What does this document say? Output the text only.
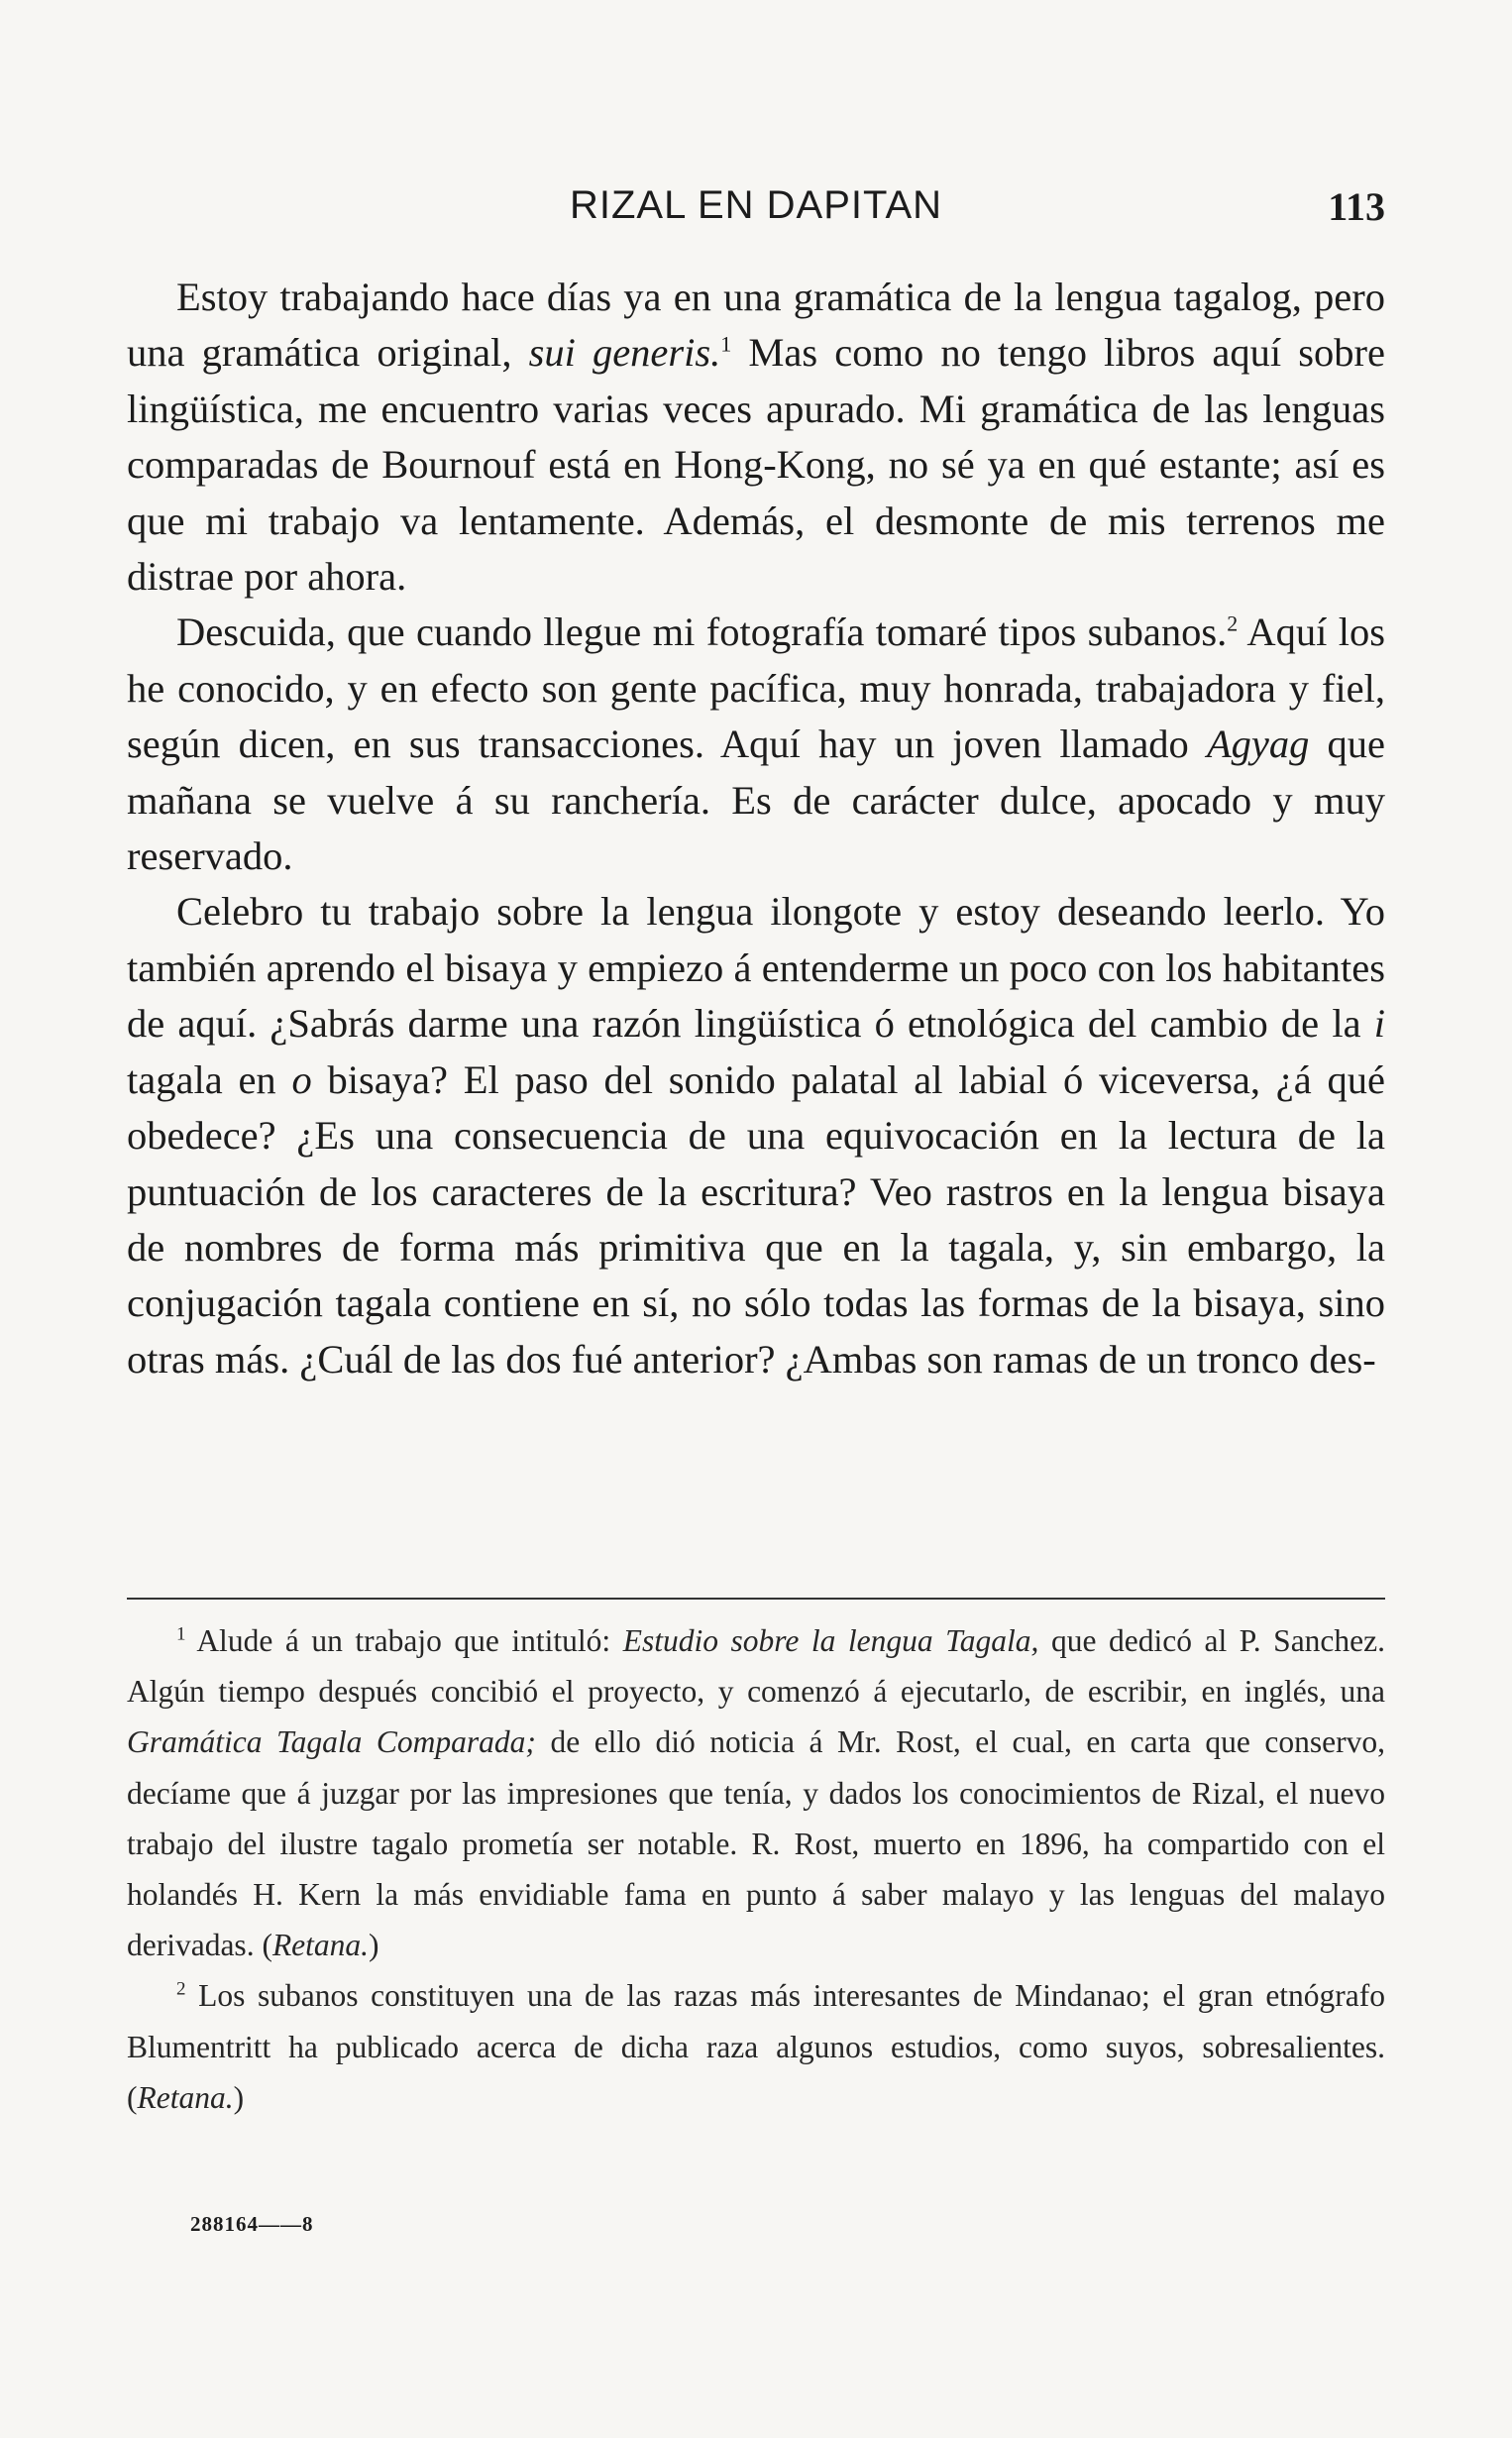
RIZAL EN DAPITAN	113

Estoy trabajando hace días ya en una gramática de la lengua tagalog, pero una gramática original, sui generis.$^1$ Mas como no tengo libros aquí sobre lingüística, me encuentro varias veces apurado. Mi gramática de las lenguas comparadas de Bournouf está en Hong-Kong, no sé ya en qué estante; así es que mi trabajo va lentamente. Además, el desmonte de mis terrenos me distrae por ahora.

Descuida, que cuando llegue mi fotografía tomaré tipos subanos.$^2$ Aquí los he conocido, y en efecto son gente pacífica, muy honrada, trabajadora y fiel, según dicen, en sus transacciones. Aquí hay un joven llamado Agyag que mañana se vuelve á su ranchería. Es de carácter dulce, apocado y muy reservado.

Celebro tu trabajo sobre la lengua ilongote y estoy deseando leerlo. Yo también aprendo el bisaya y empiezo á entenderme un poco con los habitantes de aquí. ¿Sabrás darme una razón lingüística ó etnológica del cambio de la i tagala en o bisaya? El paso del sonido palatal al labial ó viceversa, ¿á qué obedece? ¿Es una consecuencia de una equivocación en la lectura de la puntuación de los caracteres de la escritura? Veo rastros en la lengua bisaya de nombres de forma más primitiva que en la tagala, y, sin embargo, la conjugación tagala contiene en sí, no sólo todas las formas de la bisaya, sino otras más. ¿Cuál de las dos fué anterior? ¿Ambas son ramas de un tronco des-

$^1$ Alude á un trabajo que intituló: Estudio sobre la lengua Tagala, que dedicó al P. Sanchez. Algún tiempo después concibió el proyecto, y comenzó á ejecutarlo, de escribir, en inglés, una Gramática Tagala Comparada; de ello dió noticia á Mr. Rost, el cual, en carta que conservo, decíame que á juzgar por las impresiones que tenía, y dados los conocimientos de Rizal, el nuevo trabajo del ilustre tagalo prometía ser notable. R. Rost, muerto en 1896, ha compartido con el holandés H. Kern la más envidiable fama en punto á saber malayo y las lenguas del malayo derivadas. (Retana.)

$^2$ Los subanos constituyen una de las razas más interesantes de Mindanao; el gran etnógrafo Blumentritt ha publicado acerca de dicha raza algunos estudios, como suyos, sobresalientes. (Retana.)

288164——8
